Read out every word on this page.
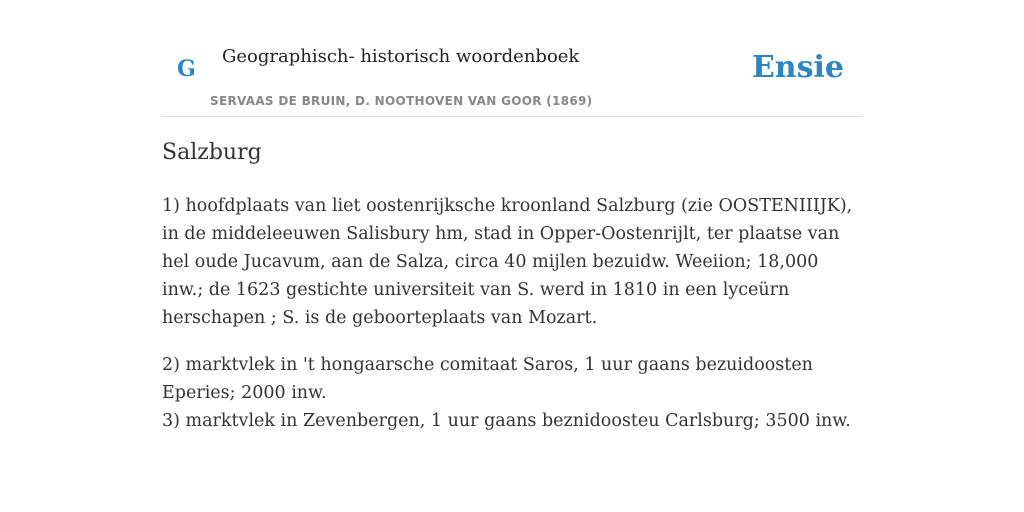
G Geographisch- historisch woordenboek
SERVAAS DE BRUIN, D. NOOTHOVEN VAN GOOR (1869)
Ensie
Salzburg

1) hoofdplaats van liet oostenrijksche kroonland Salzburg (zie OOSTENIIIJK), in de middeleeuwen Salisbury hm, stad in Opper-Oostenrijlt, ter plaatse van hel oude Jucavum, aan de Salza, circa 40 mijlen bezuidw. Weeiion; 18,000 inw.; de 1623 gestichte universiteit van S. werd in 1810 in een lyceürn herschapen ; S. is de geboorteplaats van Mozart.

2) marktvlek in 't hongaarsche comitaat Saros, 1 uur gaans bezuidoosten Eperies; 2000 inw.

3) marktvlek in Zevenbergen, 1 uur gaans beznidoosteu Carlsburg; 3500 inw.
